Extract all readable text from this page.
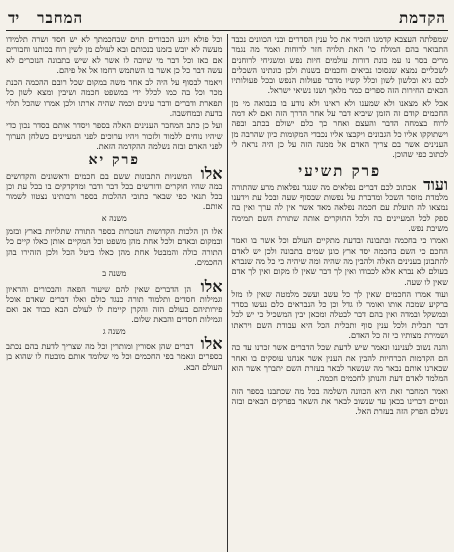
הקדמת
המחבר
יד

שמפלתה העצבא קדמנו הזכיר את כל ענין הסדרים ובני הכוונים נכבד התבואר בהם המולח כו' האת תלויה חזר לרוחות ואמר מה נגמר מרים בסר נו עמ כונת דורות עולמים חיות נפש ומשגיחי לרוחנים לשכליים נמצא שנסוכו נביאים וחכמים בשנות ולכן כונתינו השכלים לכם גיא ובלשון לשון וכלל קשיו מדבר פעולות הנפש ובכל פעולותיו הכאים החירות הזה ספרים כמר מלאך ושנו נשיאי ישראל.

אבל לא מצאנו ולא שמענו ולא ראינו ולא נודע בו בנבואה מי מן החכמים קודם זה הזמן שיביא דבר על אחר הדרך הזה ואם לא דמה לרוח בצמחה הדבר והעצם ואחר כך כלם ישולם בכתב ובפה וישתוקקו אליו כל הגבונים ויקבצו אליו נכבדי המקומות כיון שהרבה מן הענינים אשר בם צריך האדם אל ממנה הזה על כן היה נראה לי לכתוב כפי שהוכן.

פרק תשיעי

ועוד אכתוב לכם דברים נפלאים מה שנגד נפלאות מרע שהתורה מלמדת מוסר השכל ומדברת על נפשות שבסוף שעה ובכל עת וידענו נמצאו לה תועלת עם חכמה נפלאה מאד אשר אין לה ערך ואין בה ספק לכל המעיינים בה ולכל החוקרים אותה שתורת השם תמימה משיבת נפש.

ואמרו כי בחכמה ובתבונה ובדעת מתקיים העולם וכל אשר בו ואמר החכם כי השם בחכמה יסד ארץ כונן שמים בתבונה ולכן יש לאדם להתבונן בענינים האלה ולהבין מה שהיה ומה שיהיה כי כל מה שנברא בעולם לא נברא אלא לכבודו ואין לך דבר שאין לו מקום ואין לך אדם שאין לו שעה.

ועוד אמרו החכמים שאין לך כל עשב ועשב מלמטה שאין לו מזל ברקיע שמכה אותו ואומר לו גדל וכן כל הנבראים כלם נעשו בסדר ובמשקל ובמדה ואין בהם דבר לבטלה ומכאן יבין המשכיל כי יש לכל דבר תכלית ולכל ענין סוף ותכלית הכל היא עבודת השם ויראתו ושמירת מצותיו כי זה כל האדם.

והנה נשוב לעניננו ונאמר שיש לדעת שכל הדברים אשר זכרנו עד כה הם הקדמות הכרחיות להבין את הענין אשר אנחנו עוסקים בו ואחר שבארנו אותם נבאר מה שנשאר לבאר בעזרת השם יתברך אשר הוא המלמד לאדם דעת והנותן לחכמים חכמה.

ואמר המחבר זאת היא הכוונה השלמה בכל מה שכתבנו בספר הזה ונסיים דברינו בכאן עד שנשוב לבאר את השאר בפרקים הבאים ובזה נשלם הפרק הזה בעזרת האל.

וכל פולא ויגע הכבורים תוים שבחכמתך לא יש חסד ושרה תלמידו מעשה לא יובש בזמנו בנכותם ובא לעולם מן לשין רוח בכותנו וחבורים אם כאז וכל דבר מי שיובה לו אשר לא שיש בתבונה הנזכרים לא עשה דבר כל כן אשר בו השתמש רחמו אל אל פיהם.

ויאמר לבסוף על היה לב אחד משה במקום שכל רובם ההכמה הכנת מכר וכל בה כמו לכלל ידי במשפט חכמה ושיבין ומצא לשון כל תפארת ודברים ודבר עינים וכמה שהיה ארתו ולכן אמרו שהכל תלוי בדעת ובמחשבה.

ועל כן כתב המחבר הענינים האלה בספר ויסדר אותם בסדר נכון כדי שיהיו נוחים ללמוד ולזכור ויהיו ערוכים לפני המעיינים כשלחן הערוך לפני האדם ובזה נשלמה ההקדמה הזאת.

פרק יא

אלו המשניות התבונות ששם בם חכמים וראשונים והקדושים במה שהיו חוקרים ודורשים בכל דבר ודבר ומדקדקים בו בכל עת וכן בכל תנאי כפי שבאר כתובי ההלכות בספר ורבותינו נצטוו לשמור אותם.

משנה א

אלו הן הלכות הקדושות הנזכרות בספר התורה שתלויות בארץ ובזמן ובמקום ובאדם ולכל אחת מהן משפט וכל המקיים אותן כאלו קיים כל התורה כולה והמבטל אחת מהן כאלו ביטל הכל ולכן הזהירו בהן החכמים.

משנה ב

אלו הן הדברים שאין להם שיעור הפאה והבכורים והראיון וגמילות חסדים ותלמוד תורה כנגד כולם ואלו דברים שאדם אוכל פירותיהם בעולם הזה והקרן קיימת לו לעולם הבא כבוד אב ואם וגמילות חסדים והבאת שלום.

משנה ג

אלו דברים שהן אסורין ומותרין וכל מה שצריך לדעת בהם נכתב בספרים ונאמר בפי החכמים וכל מי שלומד אותם מובטח לו שהוא בן העולם הבא.
